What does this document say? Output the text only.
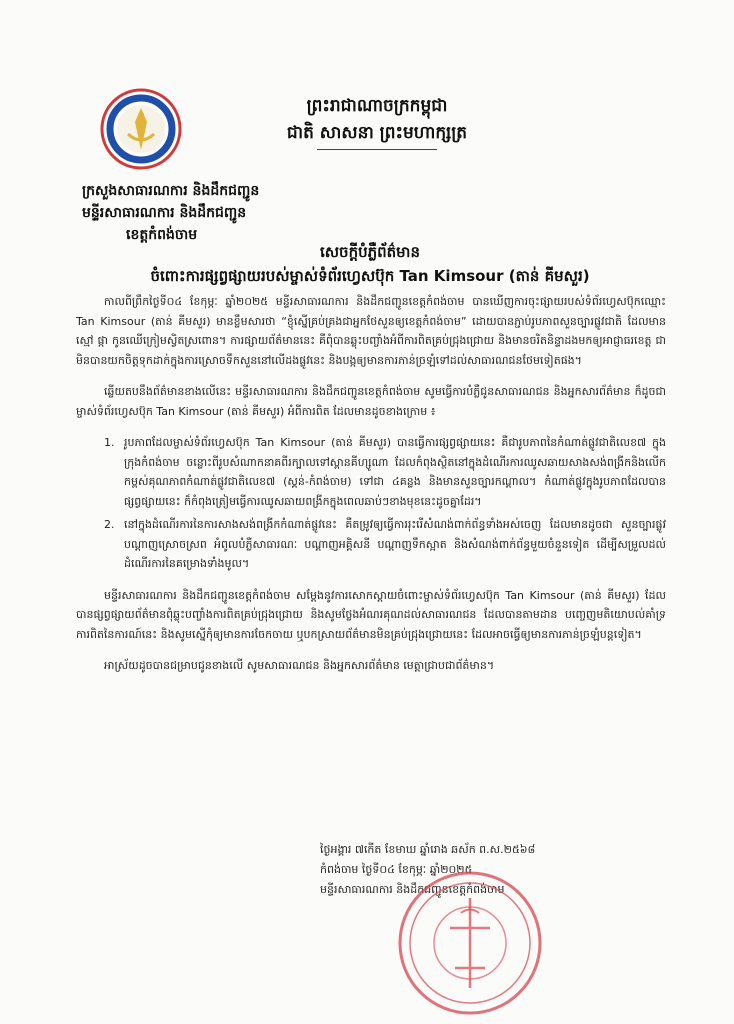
ព្រះរាជាណាចក្រកម្ពុជា
ជាតិ សាសនា ព្រះមហាក្សត្រ
ក្រសួងសាធារណការ និងដឹកជញ្ជូន
មន្ទីរសាធារណការ និងដឹកជញ្ជូន
ខេត្តកំពង់ចាម
សេចក្តីបំភ្លឺព័ត៌មាន
ចំពោះការផ្សព្វផ្សាយរបស់ម្ចាស់ទំព័រហ្វេសប៊ុក Tan Kimsour (តាន់ គីមសួរ)

កាលពីព្រឹកថ្ងៃទី០៤ ខែកុម្ភៈ ឆ្នាំ២០២៥ មន្ទីរសាធារណការ និងដឹកជញ្ជូនខេត្តកំពង់ចាម បានឃើញការចុះផ្សាយរបស់ទំព័រហ្វេសប៊ុកឈ្មោះ Tan Kimsour (តាន់ គីមសួរ) មានខ្លឹមសារថា “ខ្ញុំស្នើគ្រប់គ្រងជាអ្នកថែសួនឲ្យខេត្តកំពង់ចាម” ដោយបានភ្ជាប់រូបភាពសួនច្បារផ្លូវជាតិ ដែលមានស្មៅ ផ្កា កូនឈើក្រៀមស្វិតស្រពោន។ ការផ្សាយព័ត៌មាននេះ គឺពុំបានឆ្លុះបញ្ចាំងអំពីការពិតគ្រប់ជ្រុងជ្រោយ និងមានចរិតនិន្ទាដងមកឲ្យអាជ្ញាធរខេត្ត ជាមិនបានយកចិត្តទុកដាក់ក្នុងការស្រោចទឹកសួននៅលើដងផ្លូវនេះ និងបង្កឲ្យមានការភាន់ច្រឡំទៅដល់សាធារណជនថែមទៀតផង។

ឆ្លើយតបនឹងព័ត៌មានខាងលើនេះ មន្ទីរសាធារណការ និងដឹកជញ្ជូនខេត្តកំពង់ចាម សូមធ្វើការបំភ្លឺជូនសាធារណជន និងអ្នកសារព័ត៌មាន ក៏ដូចជាម្ចាស់ទំព័រហ្វេសប៊ុក Tan Kimsour (តាន់ គីមសួរ) អំពីការពិត ដែលមានដូចខាងក្រោម ៖

1. រូបភាពដែលម្ចាស់ទំព័រហ្វេសប៊ុក Tan Kimsour (តាន់ គីមសួរ) បានធ្វើការផ្សព្វផ្សាយនេះ គឺជារូបភាពនៃកំណាត់ផ្លូវជាតិលេខ៧ ក្នុងក្រុងកំពង់ចាម ចន្លោះពីរូបសំណាកនាគពីរក្បាលទៅស្ពានគីហ្សូណា ដែលកំពុងស្ថិតនៅក្នុងដំណើរការឈូសឆាយសាងសង់ពង្រីកនិងលើកកម្ពស់គុណភាពកំណាត់ផ្លូវជាតិលេខ៧ (ស្គន់-កំពង់ចាម) ទៅជា ៤គន្លង និងមានសួនច្បារកណ្តាល។ កំណាត់ផ្លូវក្នុងរូបភាពដែលបានផ្សព្វផ្សាយនេះ ក៏កំពុងត្រៀមធ្វើការឈូសឆាយពង្រីកក្នុងពេលឆាប់ៗខាងមុខនេះដូចគ្នាដែរ។
2. នៅក្នុងដំណើរការនៃការសាងសង់ពង្រីកកំណាត់ផ្លូវនេះ គឺតម្រូវឲ្យធ្វើការរុះរើសំណង់ពាក់ព័ន្ធទាំងអស់ចេញ ដែលមានដូចជា សួនច្បារផ្លូវ បណ្តាញស្រោចស្រព អំពូលបំភ្លឺសាធារណៈ បណ្តាញអគ្គិសនី បណ្តាញទឹកស្អាត និងសំណង់ពាក់ព័ន្ធមួយចំនួនទៀត ដើម្បីសម្រួលដល់ដំណើរការនៃគម្រោងទាំងមូល។

មន្ទីរសាធារណការ និងដឹកជញ្ជូនខេត្តកំពង់ចាម សម្តែងនូវការសោកស្តាយចំពោះម្ចាស់ទំព័រហ្វេសប៊ុក Tan Kimsour (តាន់ គីមសួរ) ដែលបានផ្សព្វផ្សាយព័ត៌មានពុំឆ្លុះបញ្ចាំងការពិតគ្រប់ជ្រុងជ្រោយ និងសូមថ្លែងអំណរគុណដល់សាធារណជន ដែលបានតាមដាន បញ្ចេញមតិយោបល់គាំទ្រការពិតនៃការណ៍នេះ និងសូមស្នើកុំឲ្យមានការចែកចាយ ឬបកស្រាយព័ត៌មានមិនគ្រប់ជ្រុងជ្រោយនេះ ដែលអាចធ្វើឲ្យមានការភាន់ច្រឡំបន្តទៀត។

អាស្រ័យដូចបានជម្រាបជូនខាងលើ សូមសាធារណជន និងអ្នកសារព័ត៌មាន មេត្តាជ្រាបជាព័ត៌មាន។

ថ្ងៃអង្គារ ៧កើត ខែមាឃ ឆ្នាំរោង ឆស័ក ព.ស.២៥៦៨
កំពង់ចាម ថ្ងៃទី០៤ ខែកុម្ភៈ ឆ្នាំ២០២៥
មន្ទីរសាធារណការ និងដឹកជញ្ជូនខេត្តកំពង់ចាម
